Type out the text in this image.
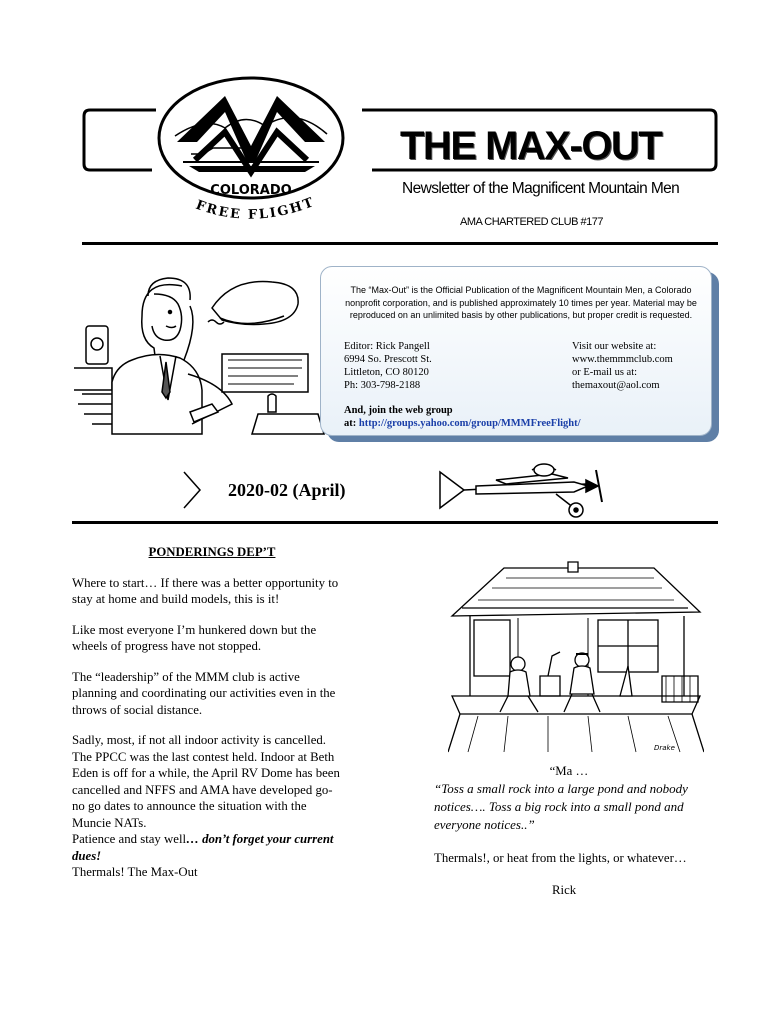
COLORADO
FREE FLIGHT
THE MAX-OUT
Newsletter of the Magnificent Mountain Men
AMA CHARTERED CLUB #177
The “Max-Out” is the Official Publication of the Magnificent Mountain Men, a Colorado nonprofit corporation, and is published approximately 10 times per year. Material may be reproduced on an unlimited basis by other publications, but proper credit is requested.
Editor: Rick Pangell
6994 So. Prescott St.
Littleton, CO 80120
Ph: 303-798-2188
Visit our website at:
www.themmmclub.com
or E-mail us at:
themaxout@aol.com
And, join the web group
at: http://groups.yahoo.com/group/MMMFreeFlight/
2020-02 (April)
PONDERINGS DEP’T

Where to start… If there was a better opportunity to stay at home and build models, this is it!

Like most everyone I’m hunkered down but the wheels of progress have not stopped.

The “leadership” of the MMM club is active planning and coordinating our activities even in the throws of social distance.

Sadly, most, if not all indoor activity is cancelled. The PPCC was the last contest held. Indoor at Beth Eden is off for a while, the April RV Dome has been cancelled and NFFS and AMA have developed go-no go dates to announce the situation with the Muncie NATs.

Patience and stay well… don’t forget your current dues!
Thermals! The Max-Out
Drake
“Ma …
“Toss a small rock into a large pond and nobody notices…. Toss a big rock into a small pond and everyone notices..”
Thermals!, or heat from the lights, or whatever…
Rick
